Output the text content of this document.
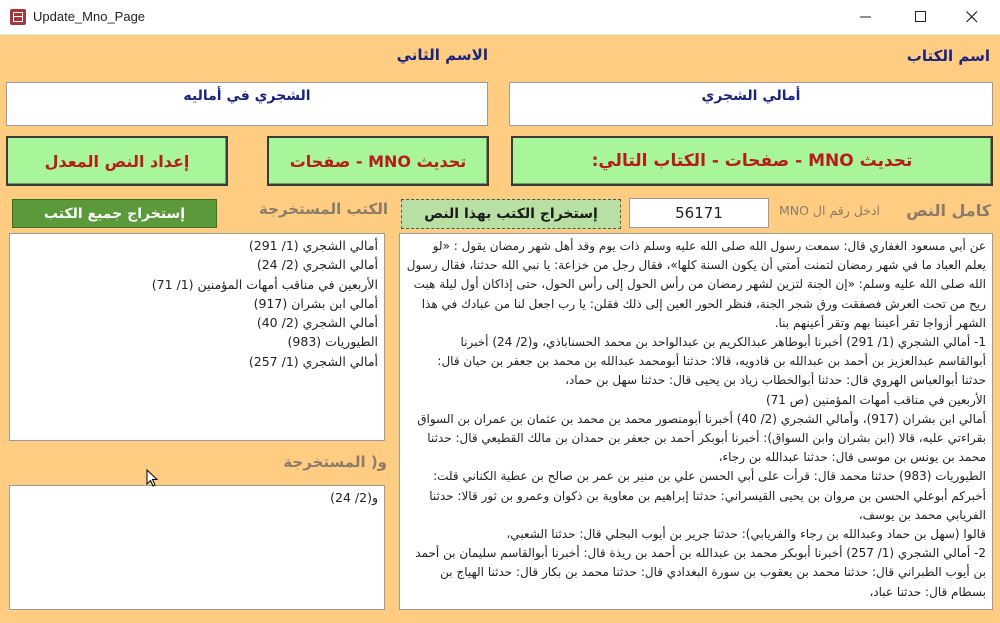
Update_Mno_Page
اسم الكتاب
الاسم الثاني
أمالي الشجري
الشجري في أماليه
تحديث MNO - صفحات - الكتاب التالي:
تحديث MNO - صفحات
إعداد النص المعدل
كامل النص
ادخل رقم ال MNO
56171
إستخراج الكتب بهذا النص
الكتب المستخرجة
إستخراج جميع الكتب
أمالي الشجري (1/ 291)
أمالي الشجري (2/ 24)
الأربعين في مناقب أمهات المؤمنين (1/ 71)
أمالي ابن بشران (917)
أمالي الشجري (2/ 40)
الطيوريات (983)
أمالي الشجري (1/ 257)
و( المستخرجة
و(2/ 24)

عن أبي مسعود الغفاري قال: سمعت رسول الله صلى الله عليه وسلم ذات يوم وقد أهل شهر رمضان يقول : «لو

يعلم العباد ما في شهر رمضان لتمنت أمتي أن يكون السنة كلها»، فقال رجل من خزاعة: يا نبي الله حدثنا، فقال رسول

الله صلى الله عليه وسلم: «إن الجنة لتزين لشهر رمضان من رأس الحول إلى رأس الحول، حتى إذاكان أول ليلة هبت

ريح من تحت العرش فصفقت ورق شجر الجنة، فنظر الحور العين إلى ذلك فقلن: يا رب اجعل لنا من عبادك في هذا

الشهر أزواجا تقر أعيننا بهم وتقر أعينهم بنا.

1- أمالي الشجري (1/ 291) أخبرنا أبوطاهر عبدالكريم بن عبدالواحد بن محمد الحسناباذي، و(2/ 24) أخبرنا

أبوالقاسم عبدالعزيز بن أحمد بن عبدالله بن قادويه، قالا: حدثنا أبومحمد عبدالله بن محمد بن جعفر بن حيان قال:

حدثنا أبوالعباس الهروي قال: حدثنا أبوالخطاب زياد بن يحيى قال: حدثنا سهل بن حماد،

الأربعين في مناقب أمهات المؤمنين (ص 71)

أمالي ابن بشران (917)، وأمالي الشجري (2/ 40) أخبرنا أبومنصور محمد بن محمد بن عثمان بن عمران بن السواق

بقراءتي عليه، قالا (ابن بشران وابن السواق): أخبرنا أبوبكر أحمد بن جعفر بن حمدان بن مالك القطيعي قال: حدثنا

محمد بن يونس بن موسى قال: حدثنا عبدالله بن رجاء،

الطيوريات (983) حدثنا محمد قال: قرأت على أبي الحسن علي بن منير بن عمر بن صالح بن عطية الكناني قلت:

أخبركم أبوعلي الحسن بن مروان بن يحيى القيسراني: حدثنا إبراهيم بن معاوية بن ذكوان وعمرو بن ثور قالا: حدثنا

الفريابي محمد بن يوسف،

قالوا (سهل بن حماد وعبدالله بن رجاء والفريابي): حدثنا جرير بن أيوب البجلي قال: حدثنا الشعبي،

2- أمالي الشجري (1/ 257) أخبرنا أبوبكر محمد بن عبدالله بن أحمد بن ريذة قال: أخبرنا أبوالقاسم سليمان بن أحمد

بن أيوب الطبراني قال: حدثنا محمد بن يعقوب بن سورة البغدادي قال: حدثنا محمد بن بكار قال: حدثنا الهياج بن

بسطام قال: حدثنا عباد،
